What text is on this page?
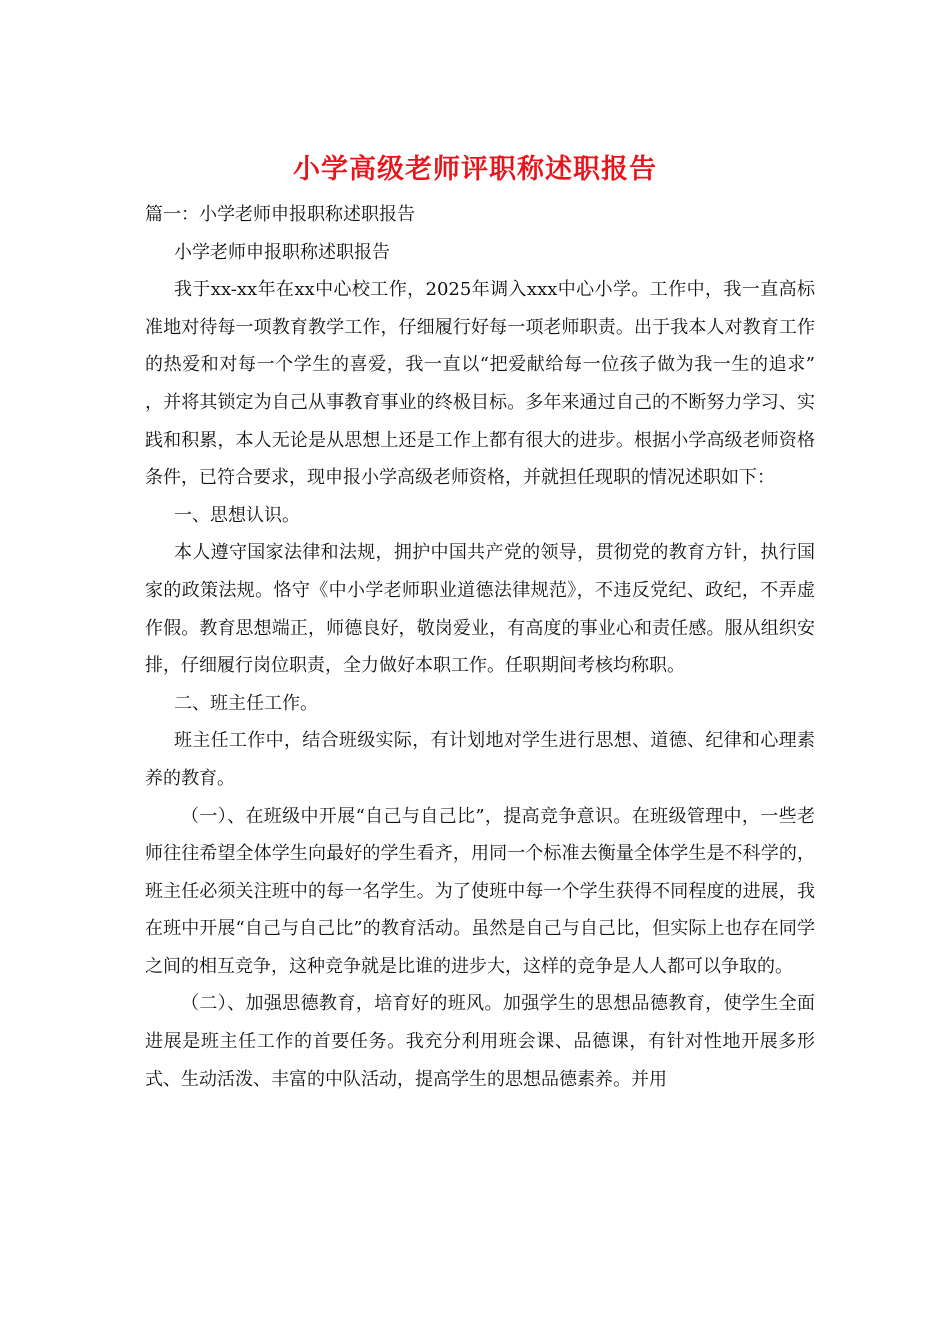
小学高级老师评职称述职报告

篇一：小学老师申报职称述职报告

小学老师申报职称述职报告

我于xx-xx年在xx中心校工作，2025年调入xxx中心小学。工作中，我一直高标准地对待每一项教育教学工作，仔细履行好每一项老师职责。出于我本人对教育工作的热爱和对每一个学生的喜爱，我一直以“把爱献给每一位孩子做为我一生的追求” ，并将其锁定为自己从事教育事业的终极目标。多年来通过自己的不断努力学习、实践和积累，本人无论是从思想上还是工作上都有很大的进步。根据小学高级老师资格条件，已符合要求，现申报小学高级老师资格，并就担任现职的情况述职如下：

一、思想认识。

本人遵守国家法律和法规，拥护中国共产党的领导，贯彻党的教育方针，执行国家的政策法规。恪守《中小学老师职业道德法律规范》，不违反党纪、政纪，不弄虚作假。教育思想端正，师德良好，敬岗爱业，有高度的事业心和责任感。服从组织安排，仔细履行岗位职责，全力做好本职工作。任职期间考核均称职。

二、班主任工作。

班主任工作中，结合班级实际，有计划地对学生进行思想、道德、纪律和心理素养的教育。

（一）、在班级中开展“自己与自己比”，提高竞争意识。在班级管理中，一些老师往往希望全体学生向最好的学生看齐，用同一个标准去衡量全体学生是不科学的，班主任必须关注班中的每一名学生。为了使班中每一个学生获得不同程度的进展，我在班中开展“自己与自己比”的教育活动。虽然是自己与自己比，但实际上也存在同学之间的相互竞争，这种竞争就是比谁的进步大，这样的竞争是人人都可以争取的。

（二）、加强思德教育，培育好的班风。加强学生的思想品德教育，使学生全面进展是班主任工作的首要任务。我充分利用班会课、品德课，有针对性地开展多形式、生动活泼、丰富的中队活动，提高学生的思想品德素养。并用
